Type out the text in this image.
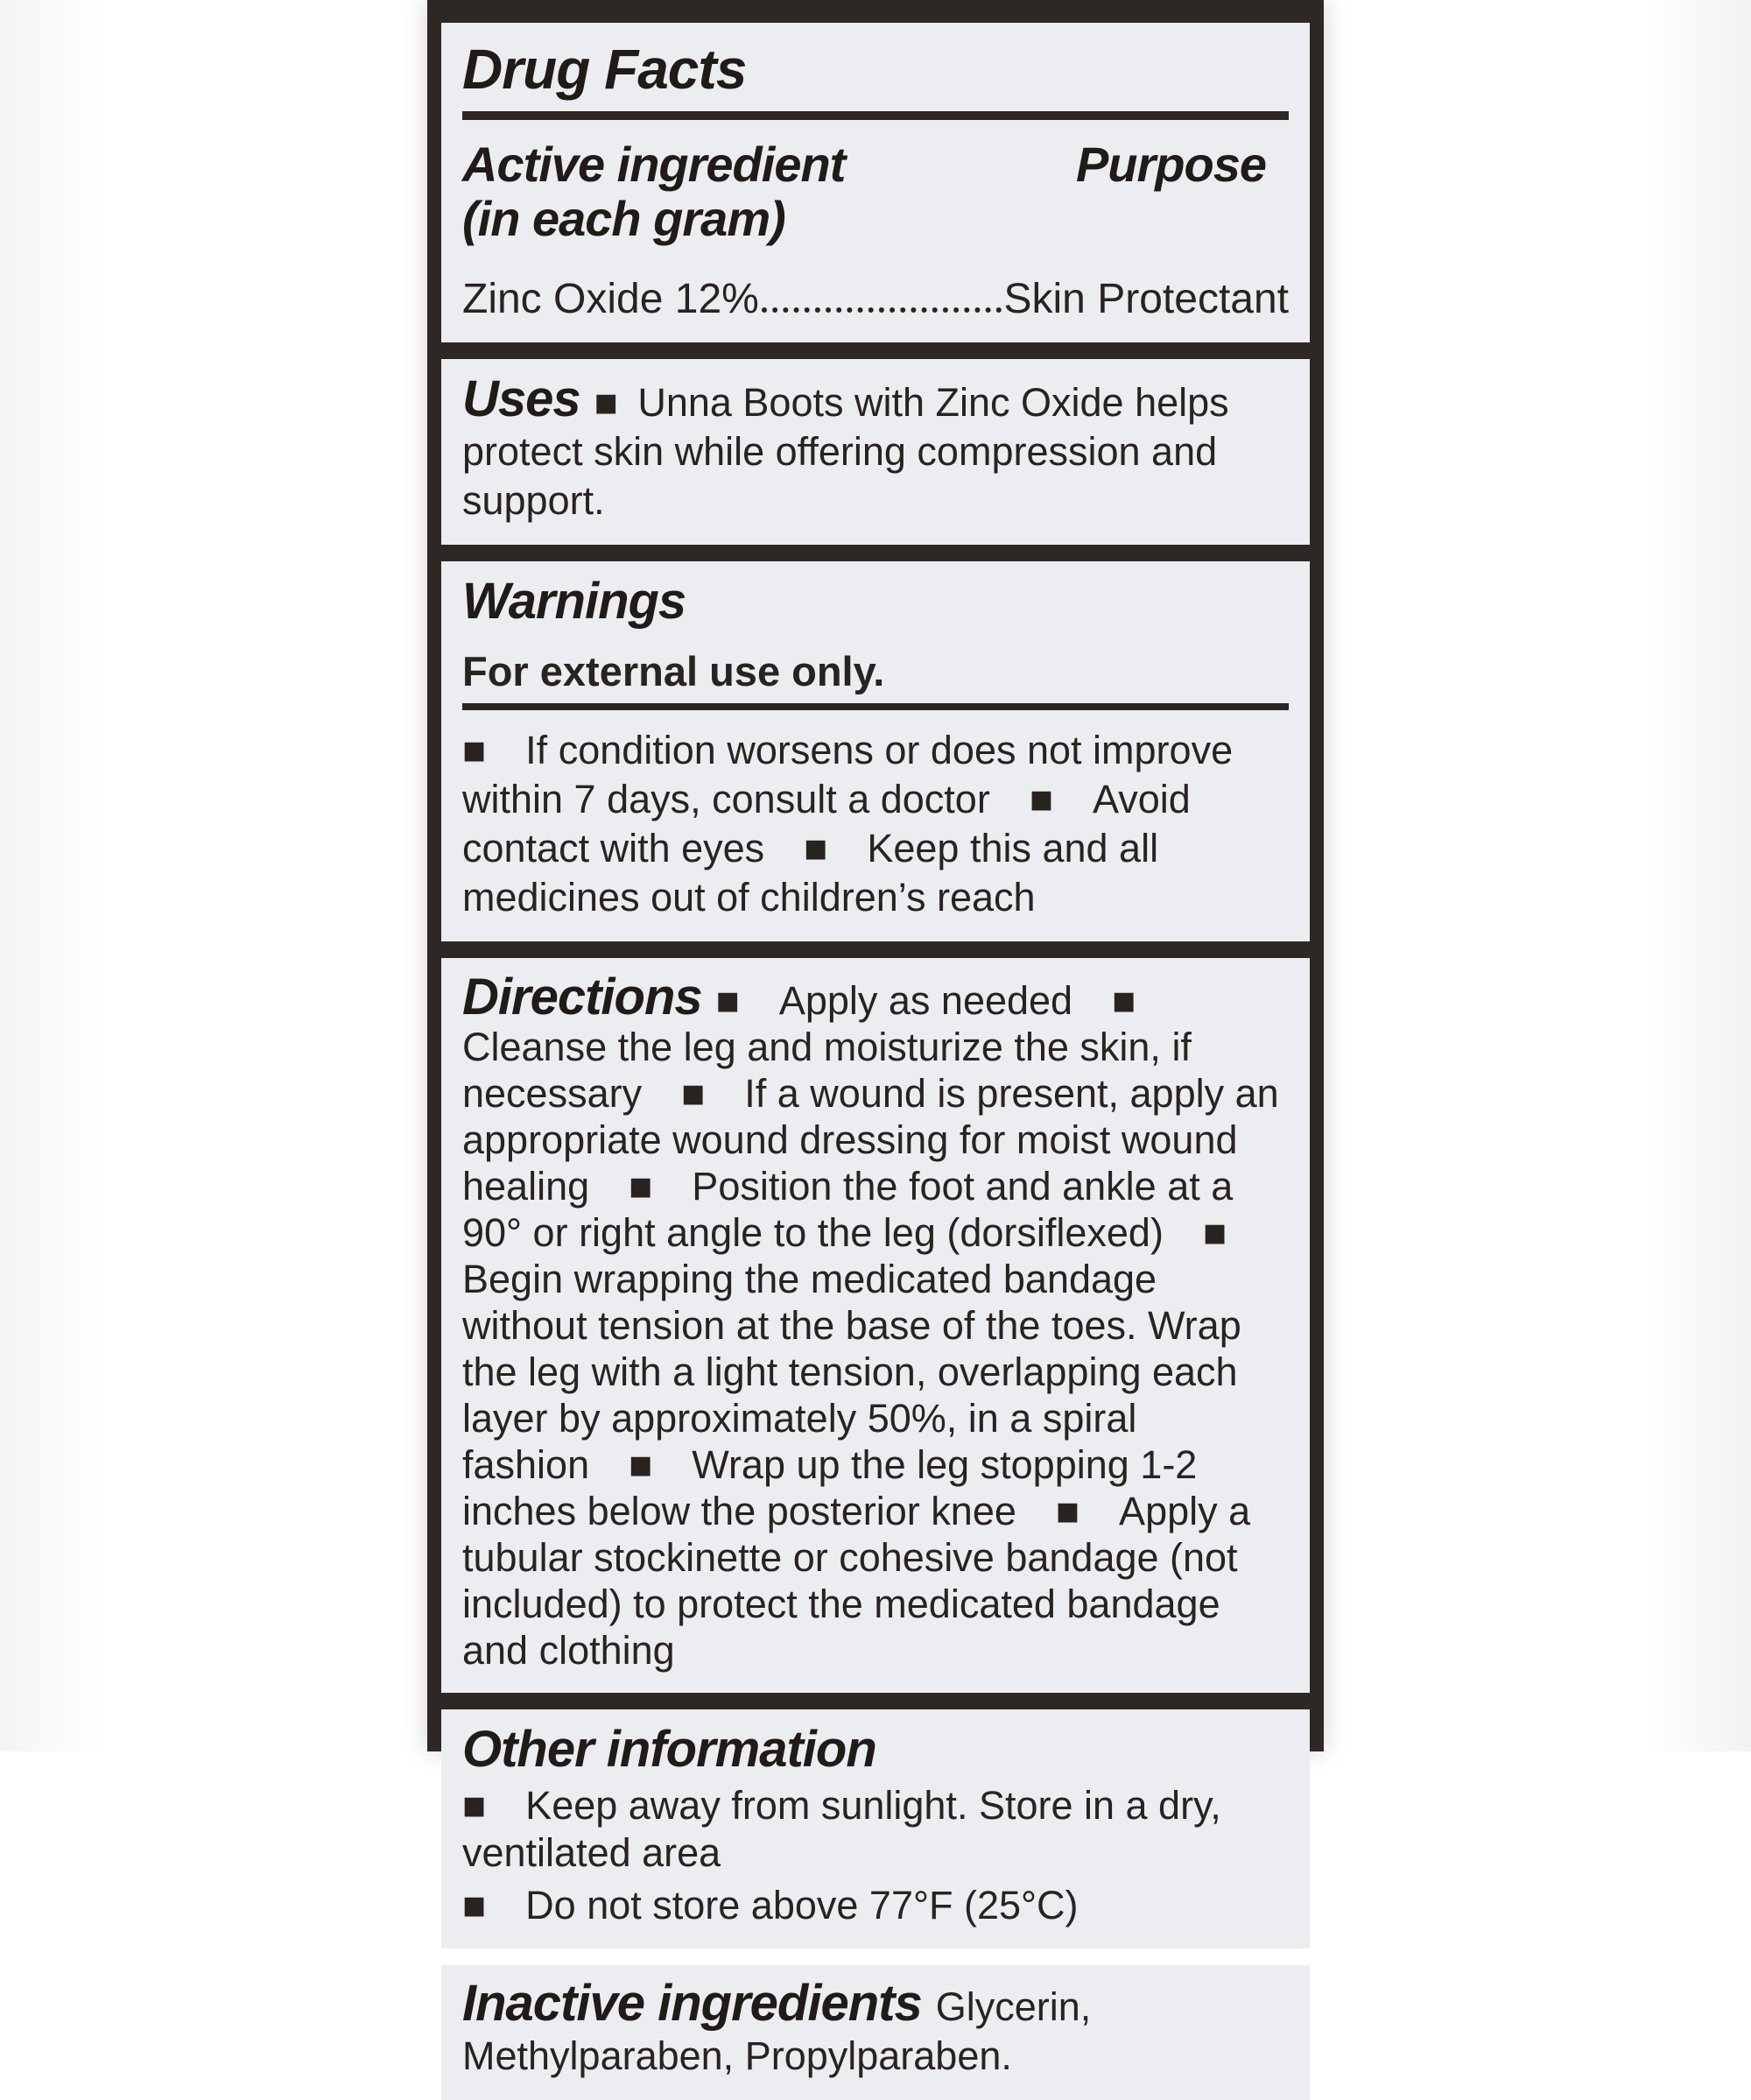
Drug Facts
Active ingredient
(in each gram)
Purpose
Zinc Oxide 12%	Skin Protectant

Uses ■ Unna Boots with Zinc Oxide helps protect skin while offering compression and support.

Warnings

For external use only.

■  If condition worsens or does not improve within 7 days, consult a doctor  ■  Avoid contact with eyes  ■  Keep this and all medicines out of children’s reach

Directions ■  Apply as needed  ■  Cleanse the leg and moisturize the skin, if necessary  ■  If a wound is present, apply an appropriate wound dressing for moist wound healing  ■  Position the foot and ankle at a 90° or right angle to the leg (dorsiflexed)  ■  Begin wrapping the medicated bandage without tension at the base of the toes. Wrap the leg with a light tension, overlapping each layer by approximately 50%, in a spiral fashion  ■  Wrap up the leg stopping 1-2 inches below the posterior knee  ■  Apply a tubular stockinette or cohesive bandage (not included) to protect the medicated bandage and clothing

Other information

■  Keep away from sunlight. Store in a dry, ventilated area

■  Do not store above 77°F (25°C)

Inactive ingredients Glycerin, Methylparaben, Propylparaben.
